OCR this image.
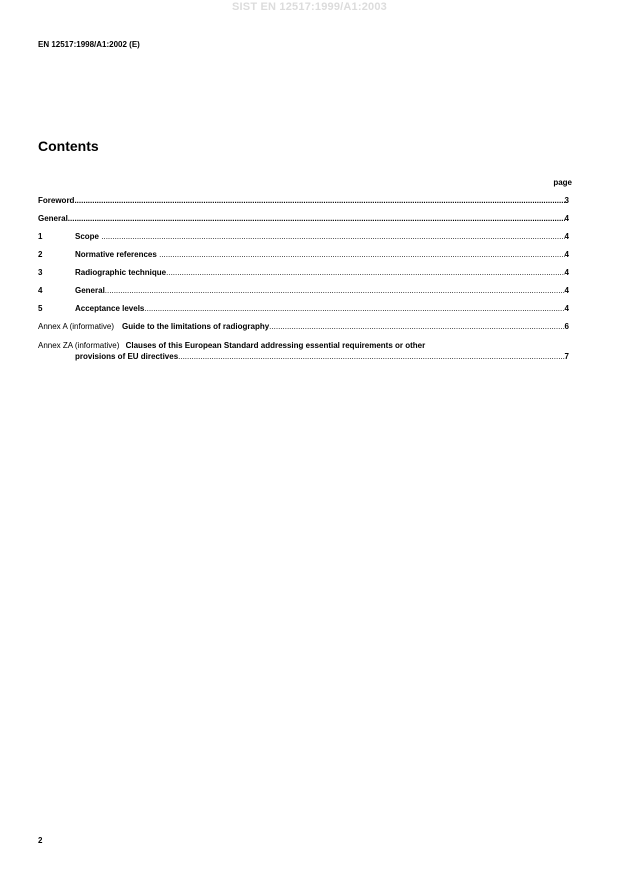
SIST EN 12517:1999/A1:2003
EN 12517:1998/A1:2002 (E)
Contents
page
Foreword .....	3
General .....	4
1	Scope .....	4
2	Normative references .....	4
3	Radiographic technique .....	4
4	General .....	4
5	Acceptance levels .....	4
Annex A (informative) Guide to the limitations of radiography .....	6
Annex ZA (informative) Clauses of this European Standard addressing essential requirements or other
provisions of EU directives .....	7
2
